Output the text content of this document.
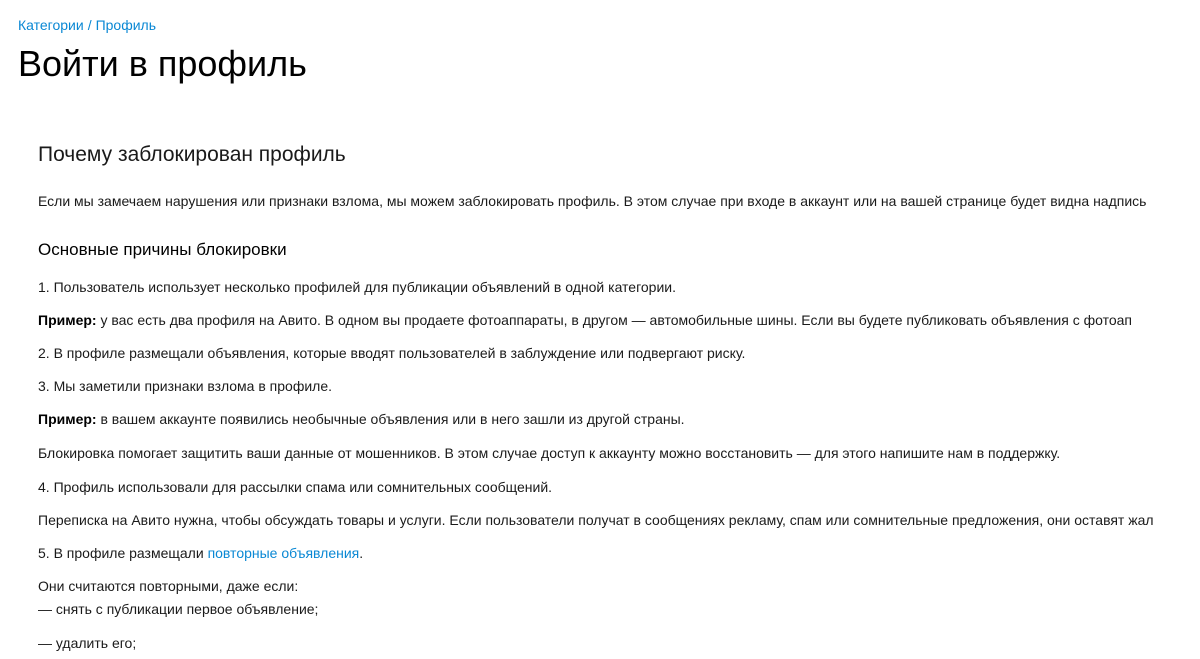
Категории / Профиль
Войти в профиль
Почему заблокирован профиль

Если мы замечаем нарушения или признаки взлома, мы можем заблокировать профиль. В этом случае при входе в аккаунт или на вашей странице будет видна надпись

Основные причины блокировки

1. Пользователь использует несколько профилей для публикации объявлений в одной категории.

Пример: у вас есть два профиля на Авито. В одном вы продаете фотоаппараты, в другом — автомобильные шины. Если вы будете публиковать объявления с фотоап

2. В профиле размещали объявления, которые вводят пользователей в заблуждение или подвергают риску.

3. Мы заметили признаки взлома в профиле.

Пример: в вашем аккаунте появились необычные объявления или в него зашли из другой страны.

Блокировка помогает защитить ваши данные от мошенников. В этом случае доступ к аккаунту можно восстановить — для этого напишите нам в поддержку.

4. Профиль использовали для рассылки спама или сомнительных сообщений.

Переписка на Авито нужна, чтобы обсуждать товары и услуги. Если пользователи получат в сообщениях рекламу, спам или сомнительные предложения, они оставят жал

5. В профиле размещали повторные объявления.

Они считаются повторными, даже если:

— снять с публикации первое объявление;

— удалить его;
